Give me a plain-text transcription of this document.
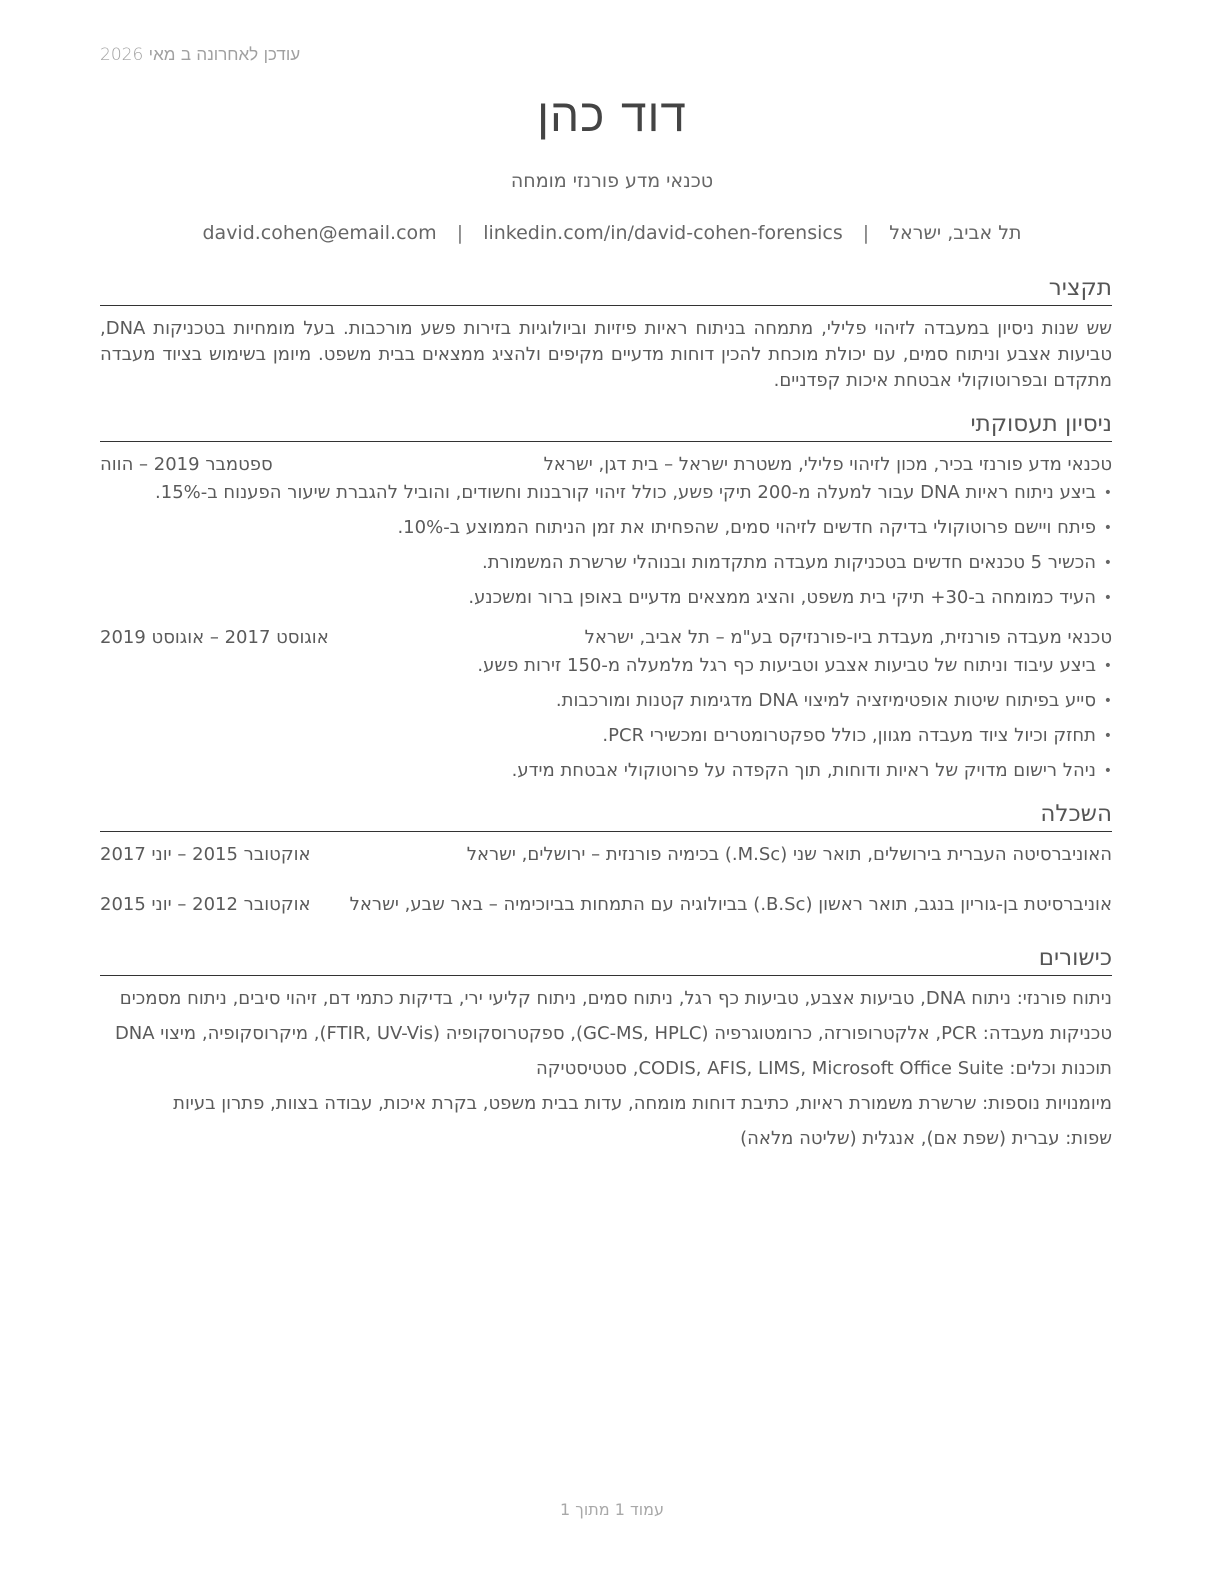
עודכן לאחרונה ב מאי 2026
דוד כהן
טכנאי מדע פורנזי מומחה
תל אביב, ישראל | david.cohen@email.com | linkedin.com/in/david-cohen-forensics
תקציר
שש שנות ניסיון במעבדה לזיהוי פלילי, מתמחה בניתוח ראיות פיזיות וביולוגיות בזירות פשע מורכבות. בעל מומחיות בטכניקות DNA, טביעות אצבע וניתוח סמים, עם יכולת מוכחת להכין דוחות מדעיים מקיפים ולהציג ממצאים בבית משפט. מיומן בשימוש בציוד מעבדה מתקדם ובפרוטוקולי אבטחת איכות קפדניים.
ניסיון תעסוקתי
טכנאי מדע פורנזי בכיר, מכון לזיהוי פלילי, משטרת ישראל – בית דגן, ישראל
ספטמבר 2019 – הווה
• ביצע ניתוח ראיות DNA עבור למעלה מ-200 תיקי פשע, כולל זיהוי קורבנות וחשודים, והוביל להגברת שיעור הפענוח ב-15%.
• פיתח ויישם פרוטוקולי בדיקה חדשים לזיהוי סמים, שהפחיתו את זמן הניתוח הממוצע ב-10%.
• הכשיר 5 טכנאים חדשים בטכניקות מעבדה מתקדמות ובנוהלי שרשרת המשמורת.
• העיד כמומחה ב-30+ תיקי בית משפט, והציג ממצאים מדעיים באופן ברור ומשכנע.
טכנאי מעבדה פורנזית, מעבדת ביו-פורנזיקס בע"מ – תל אביב, ישראל
אוגוסט 2017 – אוגוסט 2019
• ביצע עיבוד וניתוח של טביעות אצבע וטביעות כף רגל מלמעלה מ-150 זירות פשע.
• סייע בפיתוח שיטות אופטימיזציה למיצוי DNA מדגימות קטנות ומורכבות.
• תחזק וכיול ציוד מעבדה מגוון, כולל ספקטרומטרים ומכשירי PCR.
• ניהל רישום מדויק של ראיות ודוחות, תוך הקפדה על פרוטוקולי אבטחת מידע.
השכלה
האוניברסיטה העברית בירושלים, תואר שני (M.Sc.) בכימיה פורנזית – ירושלים, ישראל
אוקטובר 2015 – יוני 2017
אוניברסיטת בן-גוריון בנגב, תואר ראשון (B.Sc.) בביולוגיה עם התמחות בביוכימיה – באר שבע, ישראל
אוקטובר 2012 – יוני 2015
כישורים
ניתוח פורנזי: ניתוח DNA, טביעות אצבע, טביעות כף רגל, ניתוח סמים, ניתוח קליעי ירי, בדיקות כתמי דם, זיהוי סיבים, ניתוח מסמכים
טכניקות מעבדה: PCR, אלקטרופורזה, כרומטוגרפיה (GC-MS, HPLC), ספקטרוסקופיה (FTIR, UV-Vis), מיקרוסקופיה, מיצוי DNA
תוכנות וכלים: CODIS, AFIS, LIMS, Microsoft Office Suite, סטטיסטיקה
מיומנויות נוספות: שרשרת משמורת ראיות, כתיבת דוחות מומחה, עדות בבית משפט, בקרת איכות, עבודה בצוות, פתרון בעיות
שפות: עברית (שפת אם), אנגלית (שליטה מלאה)
עמוד 1 מתוך 1
